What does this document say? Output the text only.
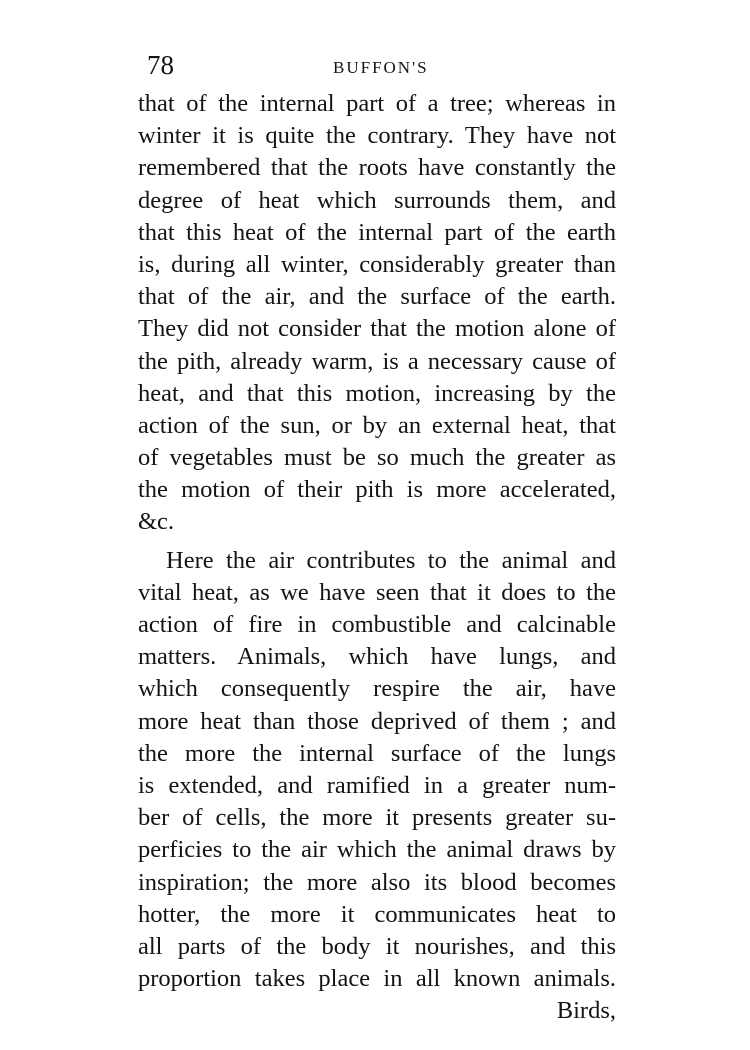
78	BUFFON'S
that of the internal part of a tree; whereas in
winter it is quite the contrary. They have not
remembered that the roots have constantly the
degree of heat which surrounds them, and
that this heat of the internal part of the earth
is, during all winter, considerably greater than
that of the air, and the surface of the earth.
They did not consider that the motion alone of
the pith, already warm, is a necessary cause of
heat, and that this motion, increasing by the
action of the sun, or by an external heat, that
of vegetables must be so much the greater as
the motion of their pith is more accelerated,
&c.
Here the air contributes to the animal and
vital heat, as we have seen that it does to the
action of fire in combustible and calcinable
matters. Animals, which have lungs, and
which consequently respire the air, have
more heat than those deprived of them ; and
the more the internal surface of the lungs
is extended, and ramified in a greater num-
ber of cells, the more it presents greater su-
perficies to the air which the animal draws by
inspiration; the more also its blood becomes
hotter, the more it communicates heat to
all parts of the body it nourishes, and this
proportion takes place in all known animals.
Birds,
